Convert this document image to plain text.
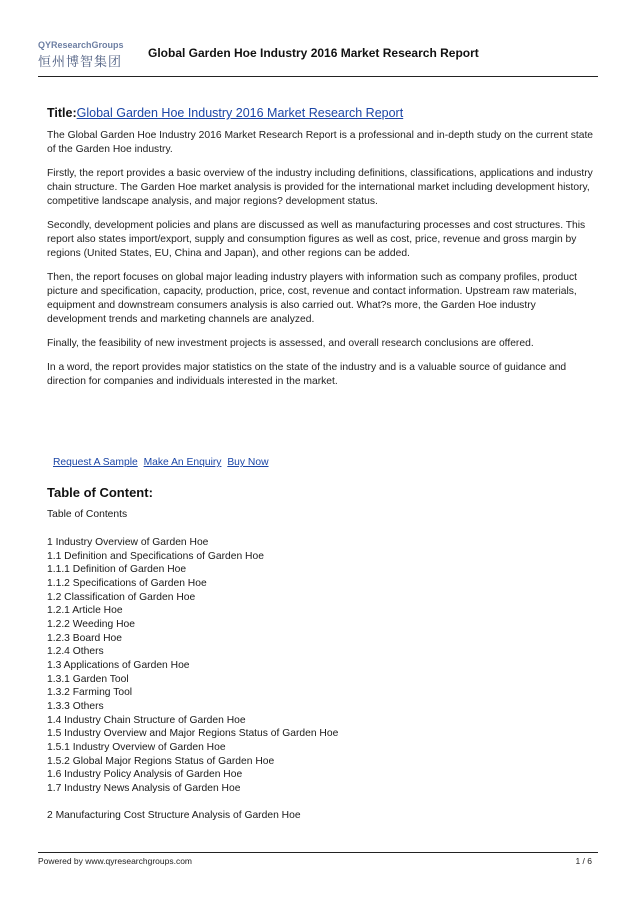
QYResearchGroups
恒州博智集团
Global Garden Hoe Industry 2016 Market Research Report
Title:Global Garden Hoe Industry 2016 Market Research Report

The Global Garden Hoe Industry 2016 Market Research Report is a professional and in-depth study on the current state of the Garden Hoe industry.

Firstly, the report provides a basic overview of the industry including definitions, classifications, applications and industry chain structure. The Garden Hoe market analysis is provided for the international market including development history, competitive landscape analysis, and major regions? development status.

Secondly, development policies and plans are discussed as well as manufacturing processes and cost structures. This report also states import/export, supply and consumption figures as well as cost, price, revenue and gross margin by regions (United States, EU, China and Japan), and other regions can be added.

Then, the report focuses on global major leading industry players with information such as company profiles, product picture and specification, capacity, production, price, cost, revenue and contact information. Upstream raw materials, equipment and downstream consumers analysis is also carried out. What?s more, the Garden Hoe industry development trends and marketing channels are analyzed.

Finally, the feasibility of new investment projects is assessed, and overall research conclusions are offered.

In a word, the report provides major statistics on the state of the industry and is a valuable source of guidance and direction for companies and individuals interested in the market.

Request A Sample Make An Enquiry Buy Now
Table of Content:
Table of Contents
1 Industry Overview of Garden Hoe
1.1 Definition and Specifications of Garden Hoe
1.1.1 Definition of Garden Hoe
1.1.2 Specifications of Garden Hoe
1.2 Classification of Garden Hoe
1.2.1 Article Hoe
1.2.2 Weeding Hoe
1.2.3 Board Hoe
1.2.4 Others
1.3 Applications of Garden Hoe
1.3.1 Garden Tool
1.3.2 Farming Tool
1.3.3 Others
1.4 Industry Chain Structure of Garden Hoe
1.5 Industry Overview and Major Regions Status of Garden Hoe
1.5.1 Industry Overview of Garden Hoe
1.5.2 Global Major Regions Status of Garden Hoe
1.6 Industry Policy Analysis of Garden Hoe
1.7 Industry News Analysis of Garden Hoe
2 Manufacturing Cost Structure Analysis of Garden Hoe
Powered by www.qyresearchgroups.com	1 / 6
